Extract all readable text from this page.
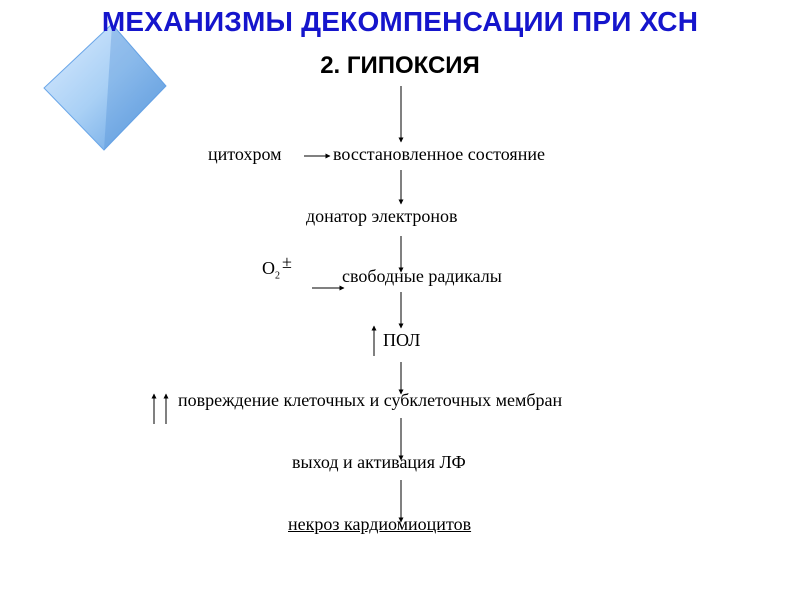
МЕХАНИЗМЫ ДЕКОМПЕНСАЦИИ ПРИ ХСН
2. ГИПОКСИЯ
цитохром	восстановленное состояние
донатор электронов
$O_2$
±
свободные радикалы
ПОЛ
повреждение клеточных и субклеточных мембран
выход и активация ЛФ
некроз кардиомиоцитов
